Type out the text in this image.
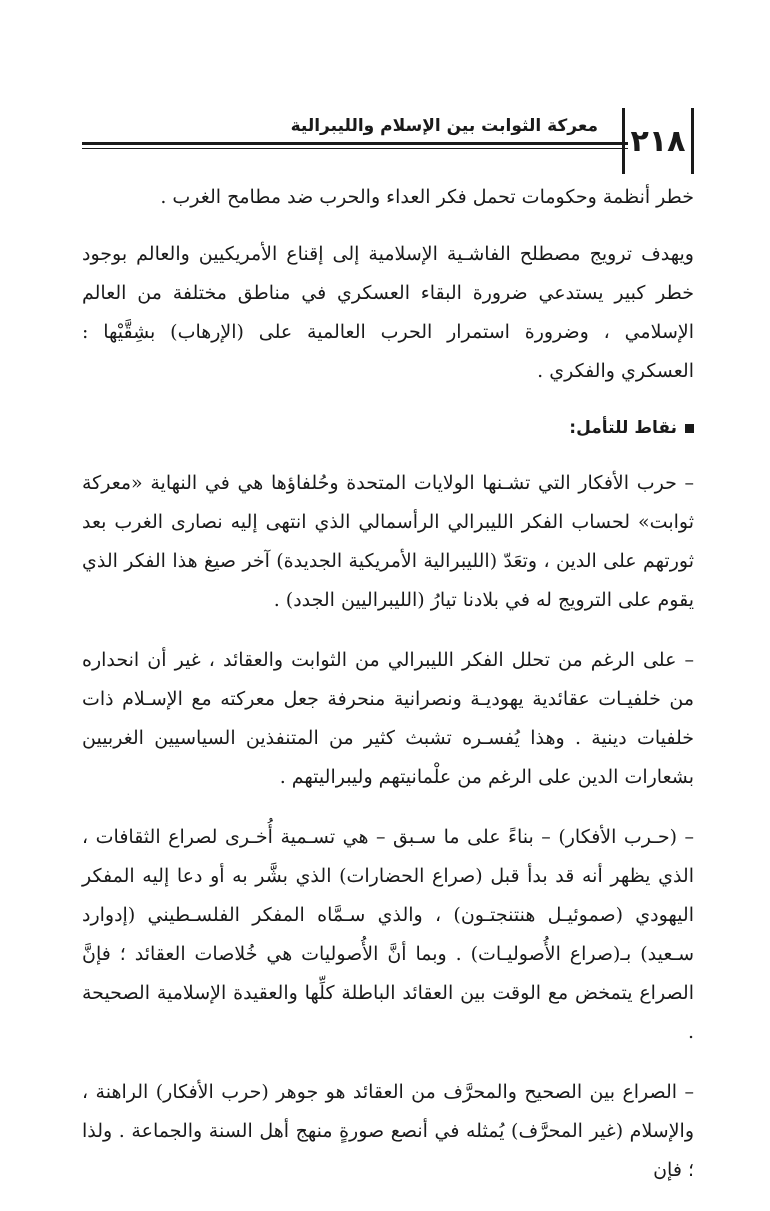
٢١٨
معركة الثوابت بين الإسلام والليبرالية

خطر أنظمة وحكومات تحمل فكر العداء والحرب ضد مطامح الغرب .

ويهدف ترويج مصطلح الفاشـية الإسلامية إلى إقناع الأمريكيين والعالم بوجود خطر كبير يستدعي ضرورة البقاء العسكري في مناطق مختلفة من العالم الإسلامي ، وضرورة استمرار الحرب العالمية على (الإرهاب) بشِقَّيْها : العسكري والفكري .

نقاط للتأمل:

– حرب الأفكار التي تشـنها الولايات المتحدة وحُلفاؤها هي في النهاية «معركة ثوابت» لحساب الفكر الليبرالي الرأسمالي الذي انتهى إليه نصارى الغرب بعد ثورتهم على الدين ، وتعَدّ (الليبرالية الأمريكية الجديدة) آخر صيغ هذا الفكر الذي يقوم على الترويج له في بلادنا تيارُ (الليبراليين الجدد) .

– على الرغم من تحلل الفكر الليبرالي من الثوابت والعقائد ، غير أن انحداره من خلفيـات عقائدية يهوديـة ونصرانية منحرفة جعل معركته مع الإسـلام ذات خلفيات دينية . وهذا يُفسـره تشبث كثير من المتنفذين السياسيين الغربيين بشعارات الدين على الرغم من علْمانيتهم وليبراليتهم .

– (حـرب الأفكار) – بناءً على ما سـبق – هي تسـمية أُخـرى لصراع الثقافات ، الذي يظهر أنه قد بدأ قبل (صراع الحضارات) الذي بشَّر به أو دعا إليه المفكر اليهودي (صموئيـل هنتنجتـون) ، والذي سـمَّاه المفكر الفلسـطيني (إدوارد سـعيد) بـ(صراع الأُصوليـات) . وبما أنَّ الأُصوليات هي خُلاصات العقائد ؛ فإنَّ الصراع يتمخض مع الوقت بين العقائد الباطلة كلِّها والعقيدة الإسلامية الصحيحة .

– الصراع بين الصحيح والمحرَّف من العقائد هو جوهر (حرب الأفكار) الراهنة ، والإسلام (غير المحرَّف) يُمثله في أنصع صورةٍ منهج أهل السنة والجماعة . ولذا ؛ فإن
